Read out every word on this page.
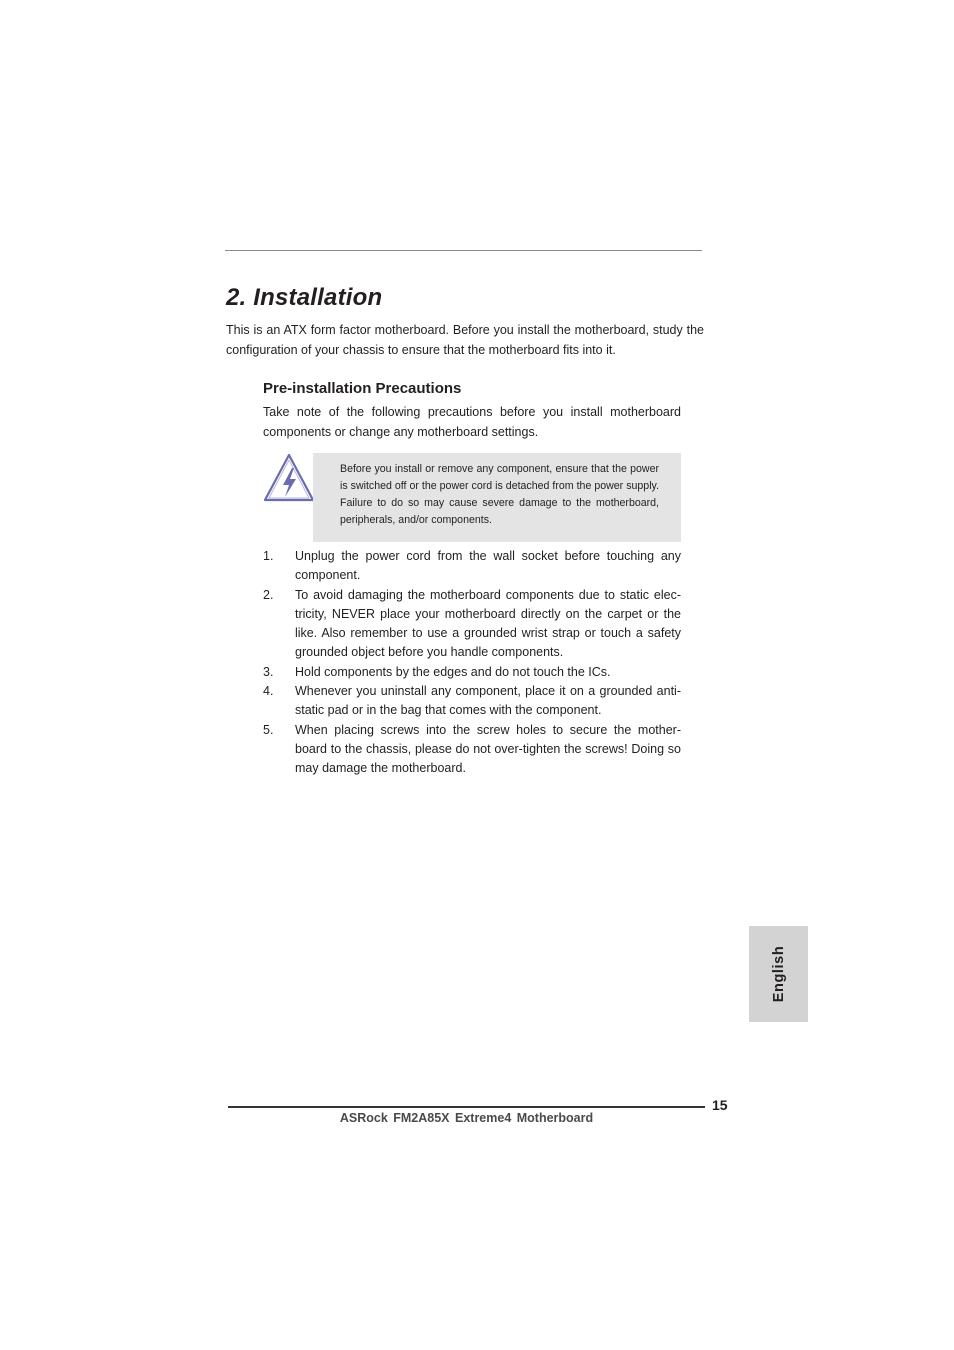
2. Installation

This is an ATX form factor motherboard. Before you install the motherboard, study the configuration of your chassis to ensure that the motherboard fits into it.

Pre-installation Precautions

Take note of the following precautions before you install motherboard components or change any motherboard settings.

Before you install or remove any component, ensure that the power is switched off or the power cord is detached from the power supply. Failure to do so may cause severe damage to the motherboard, peripherals, and/or components.

1. Unplug the power cord from the wall socket before touching any component.
2. To avoid damaging the motherboard components due to static elec-tricity, NEVER place your motherboard directly on the carpet or the like. Also remember to use a grounded wrist strap or touch a safety grounded object before you handle components.
3. Hold components by the edges and do not touch the ICs.
4. Whenever you uninstall any component, place it on a grounded anti-static pad or in the bag that comes with the component.
5. When placing screws into the screw holes to secure the mother-board to the chassis, please do not over-tighten the screws! Doing so may damage the motherboard.
English
15
ASRock FM2A85X Extreme4 Motherboard
